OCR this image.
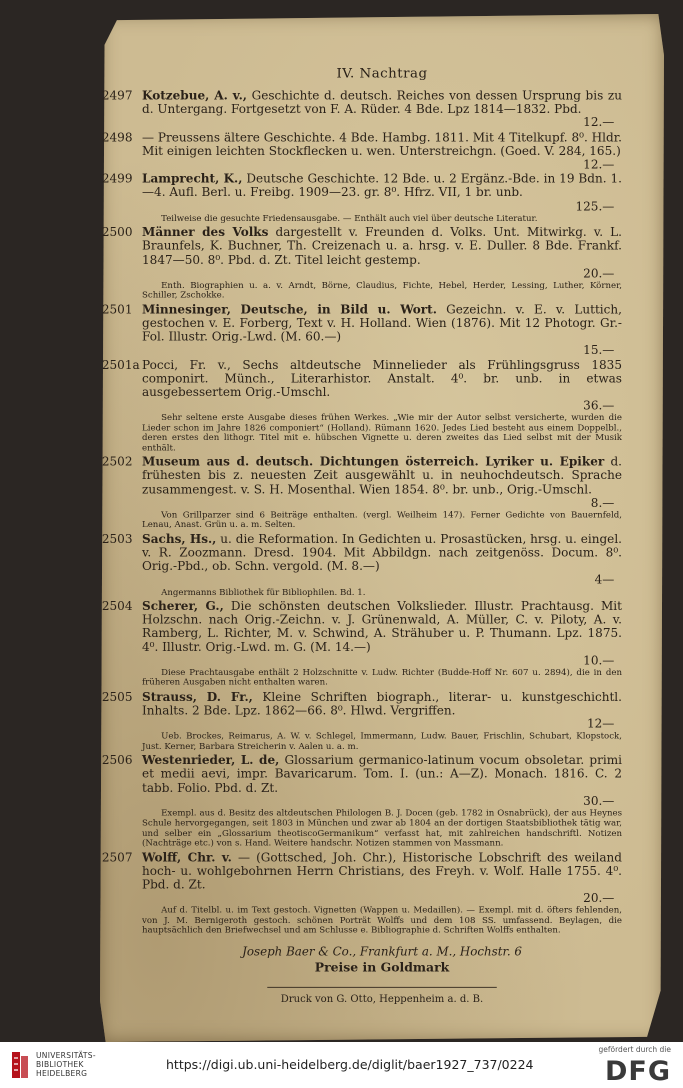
IV. Nachtrag
2497 Kotzebue, A. v., Geschichte d. deutsch. Reiches von dessen Ursprung bis zu d. Untergang. Fortgesetzt von F. A. Rüder. 4 Bde. Lpz 1814—1832. Pbd.
12.—
2498 — Preussens ältere Geschichte. 4 Bde. Hambg. 1811. Mit 4 Titelkupf. 8⁰. Hldr. Mit einigen leichten Stockflecken u. wen. Unterstreichgn. (Goed. V. 284, 165.)
12.—
2499 Lamprecht, K., Deutsche Geschichte. 12 Bde. u. 2 Ergänz.-Bde. in 19 Bdn. 1.—4. Aufl. Berl. u. Freibg. 1909—23. gr. 8⁰. Hfrz. VII, 1 br. unb.
125.—
Teilweise die gesuchte Friedensausgabe. — Enthält auch viel über deutsche Literatur.
2500 Männer des Volks dargestellt v. Freunden d. Volks. Unt. Mitwirkg. v. L. Braunfels, K. Buchner, Th. Creizenach u. a. hrsg. v. E. Duller. 8 Bde. Frankf. 1847—50. 8⁰. Pbd. d. Zt. Titel leicht gestemp.
20.—
Enth. Biographien u. a. v. Arndt, Börne, Claudius, Fichte, Hebel, Herder, Lessing, Luther, Körner, Schiller, Zschokke.
2501 Minnesinger, Deutsche, in Bild u. Wort. Gezeichn. v. E. v. Luttich, gestochen v. E. Forberg, Text v. H. Holland. Wien (1876). Mit 12 Photogr. Gr.-Fol. Illustr. Orig.-Lwd. (M. 60.—)
15.—
2501a Pocci, Fr. v., Sechs altdeutsche Minnelieder als Frühlingsgruss 1835 componirt. Münch., Literarhistor. Anstalt. 4⁰. br. unb. in etwas ausgebessertem Orig.-Umschl.
36.—
Sehr seltene erste Ausgabe dieses frühen Werkes. „Wie mir der Autor selbst versicherte, wurden die Lieder schon im Jahre 1826 componiert“ (Holland). Rümann 1620. Jedes Lied besteht aus einem Doppelbl., deren erstes den lithogr. Titel mit e. hübschen Vignette u. deren zweites das Lied selbst mit der Musik enthält.
2502 Museum aus d. deutsch. Dichtungen österreich. Lyriker u. Epiker d. frühesten bis z. neuesten Zeit ausgewählt u. in neuhochdeutsch. Sprache zusammengest. v. S. H. Mosenthal. Wien 1854. 8⁰. br. unb., Orig.-Umschl.
8.—
Von Grillparzer sind 6 Beiträge enthalten. (vergl. Weilheim 147). Ferner Gedichte von Bauernfeld, Lenau, Anast. Grün u. a. m. Selten.
2503 Sachs, Hs., u. die Reformation. In Gedichten u. Prosastücken, hrsg. u. eingel. v. R. Zoozmann. Dresd. 1904. Mit Abbildgn. nach zeitgenöss. Docum. 8⁰. Orig.-Pbd., ob. Schn. vergold. (M. 8.—)
4—
Angermanns Bibliothek für Bibliophilen. Bd. 1.
2504 Scherer, G., Die schönsten deutschen Volkslieder. Illustr. Prachtausg. Mit Holzschn. nach Orig.-Zeichn. v. J. Grünenwald, A. Müller, C. v. Piloty, A. v. Ramberg, L. Richter, M. v. Schwind, A. Strähuber u. P. Thumann. Lpz. 1875. 4⁰. Illustr. Orig.-Lwd. m. G. (M. 14.—)
10.—
Diese Prachtausgabe enthält 2 Holzschnitte v. Ludw. Richter (Budde-Hoff Nr. 607 u. 2894), die in den früheren Ausgaben nicht enthalten waren.
2505 Strauss, D. Fr., Kleine Schriften biograph., literar- u. kunstgeschichtl. Inhalts. 2 Bde. Lpz. 1862—66. 8⁰. Hlwd. Vergriffen.
12—
Ueb. Brockes, Reimarus, A. W. v. Schlegel, Immermann, Ludw. Bauer, Frischlin, Schubart, Klopstock, Just. Kerner, Barbara Streicherin v. Aalen u. a. m.
2506 Westenrieder, L. de, Glossarium germanico-latinum vocum obsoletar. primi et medii aevi, impr. Bavaricarum. Tom. I. (un.: A—Z). Monach. 1816. C. 2 tabb. Folio. Pbd. d. Zt.
30.—
Exempl. aus d. Besitz des altdeutschen Philologen B. J. Docen (geb. 1782 in Osnabrück), der aus Heynes Schule hervorgegangen, seit 1803 in München und zwar ab 1804 an der dortigen Staatsbibliothek tätig war, und selber ein „Glossarium theotiscoGermanikum“ verfasst hat, mit zahlreichen handschriftl. Notizen (Nachträge etc.) von s. Hand. Weitere handschr. Notizen stammen von Massmann.
2507 Wolff, Chr. v. — (Gottsched, Joh. Chr.), Historische Lobschrift des weiland hoch- u. wohlgebohrnen Herrn Christians, des Freyh. v. Wolf. Halle 1755. 4⁰. Pbd. d. Zt.
20.—
Auf d. Titelbl. u. im Text gestoch. Vignetten (Wappen u. Medaillen). — Exempl. mit d. öfters fehlenden, von J. M. Bernigeroth gestoch. schönen Porträt Wolffs und dem 108 SS. umfassend. Beylagen, die hauptsächlich den Briefwechsel und am Schlusse e. Bibliographie d. Schriften Wolffs enthalten.
Joseph Baer & Co., Frankfurt a. M., Hochstr. 6
Preise in Goldmark
Druck von G. Otto, Heppenheim a. d. B.
UNIVERSITÄTS-
BIBLIOTHEK
HEIDELBERG
https://digi.ub.uni-heidelberg.de/diglit/baer1927_737/0224
gefördert durch die
DFG
